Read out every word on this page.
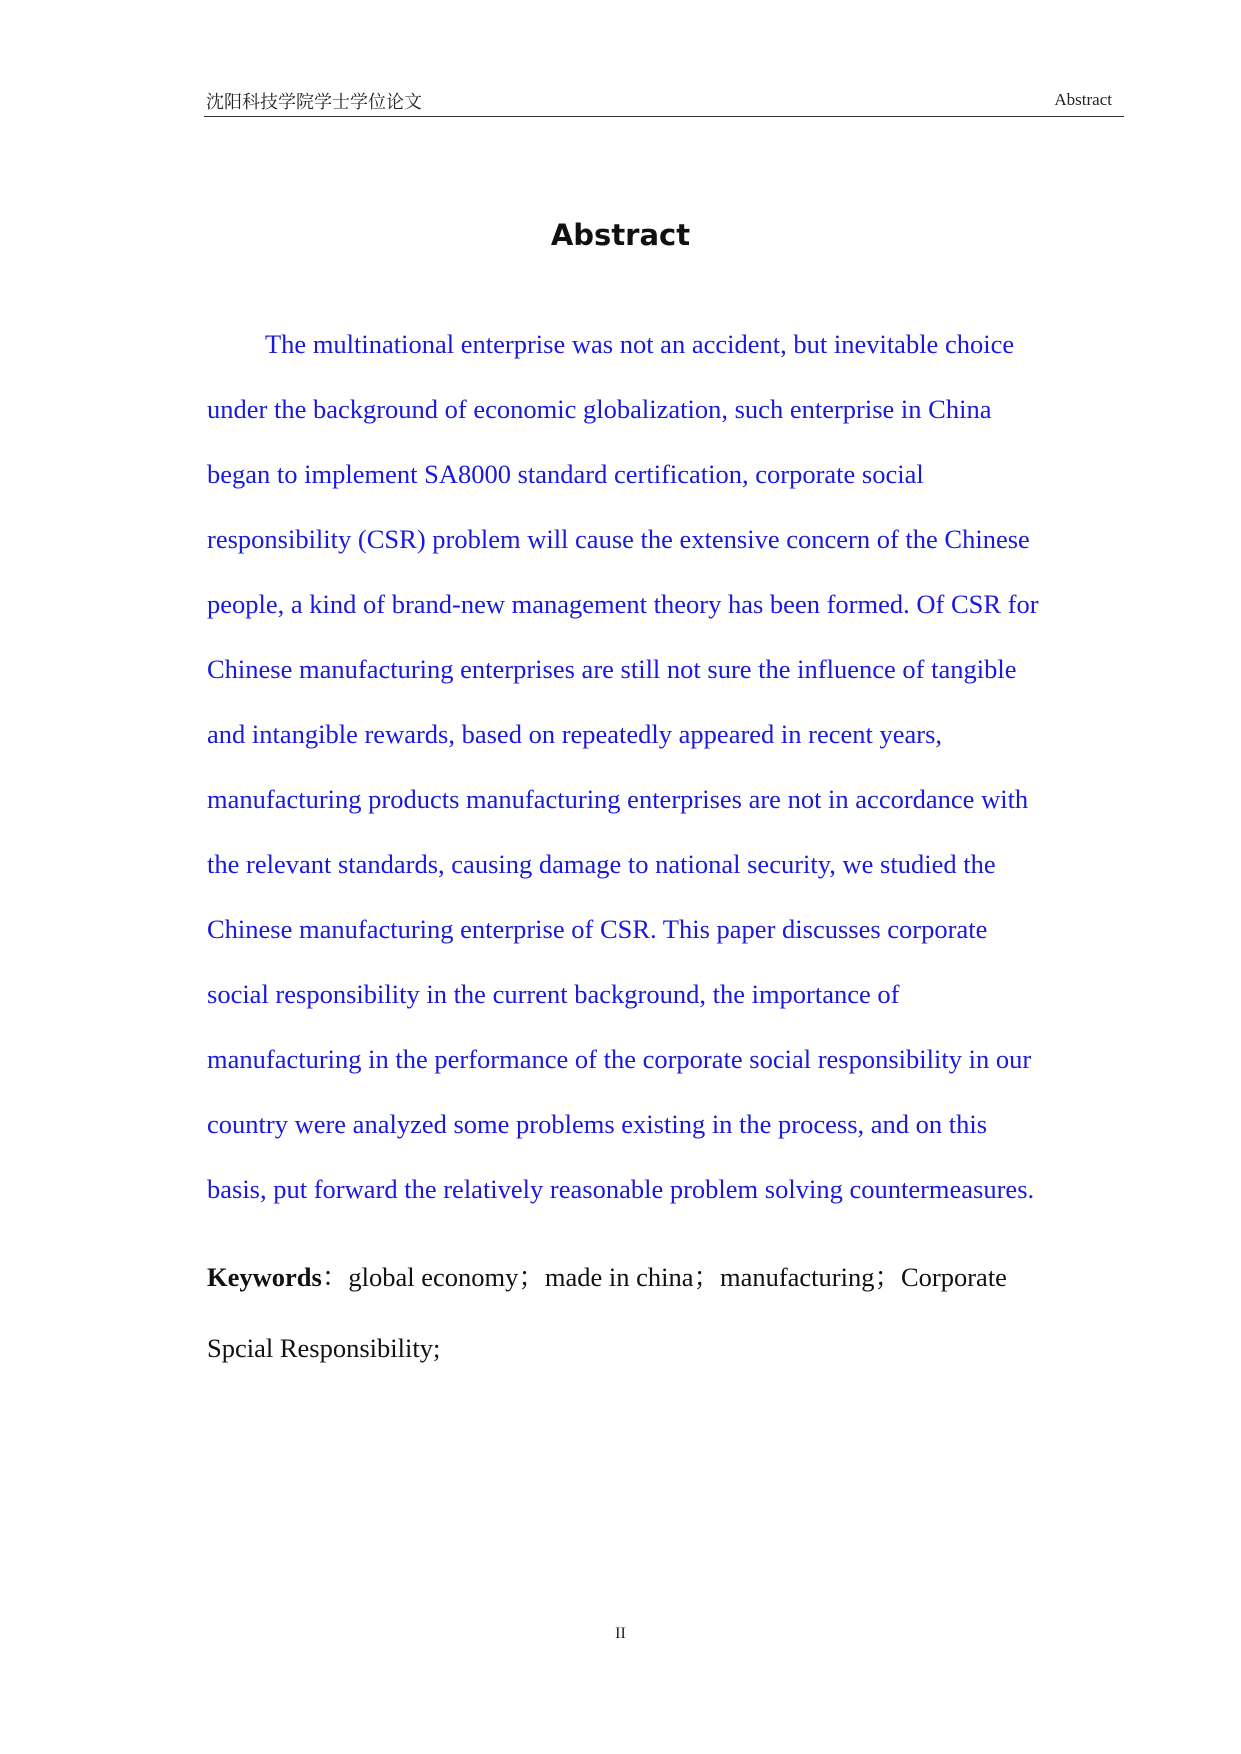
沈阳科技学院学士学位论文	Abstract
Abstract
The multinational enterprise was not an accident, but inevitable choice
under the background of economic globalization, such enterprise in China
began to implement SA8000 standard certification, corporate social
responsibility (CSR) problem will cause the extensive concern of the Chinese
people, a kind of brand-new management theory has been formed. Of CSR for
Chinese manufacturing enterprises are still not sure the influence of tangible
and intangible rewards, based on repeatedly appeared in recent years,
manufacturing products manufacturing enterprises are not in accordance with
the relevant standards, causing damage to national security, we studied the
Chinese manufacturing enterprise of CSR. This paper discusses corporate
social responsibility in the current background, the importance of
manufacturing in the performance of the corporate social responsibility in our
country were analyzed some problems existing in the process, and on this
basis, put forward the relatively reasonable problem solving countermeasures.
Keywords：global economy；made in china；manufacturing；Corporate
Spcial Responsibility;
II
